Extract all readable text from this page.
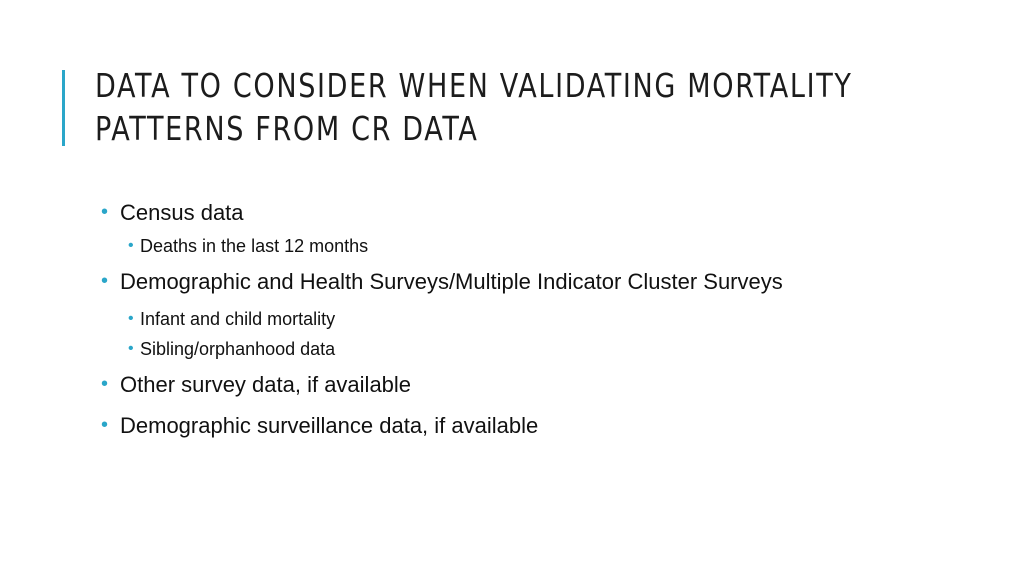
DATA TO CONSIDER WHEN VALIDATING MORTALITY
PATTERNS FROM CR DATA
• Census data
• Deaths in the last 12 months
• Demographic and Health Surveys/Multiple Indicator Cluster Surveys
• Infant and child mortality
• Sibling/orphanhood data
• Other survey data, if available
• Demographic surveillance data, if available
